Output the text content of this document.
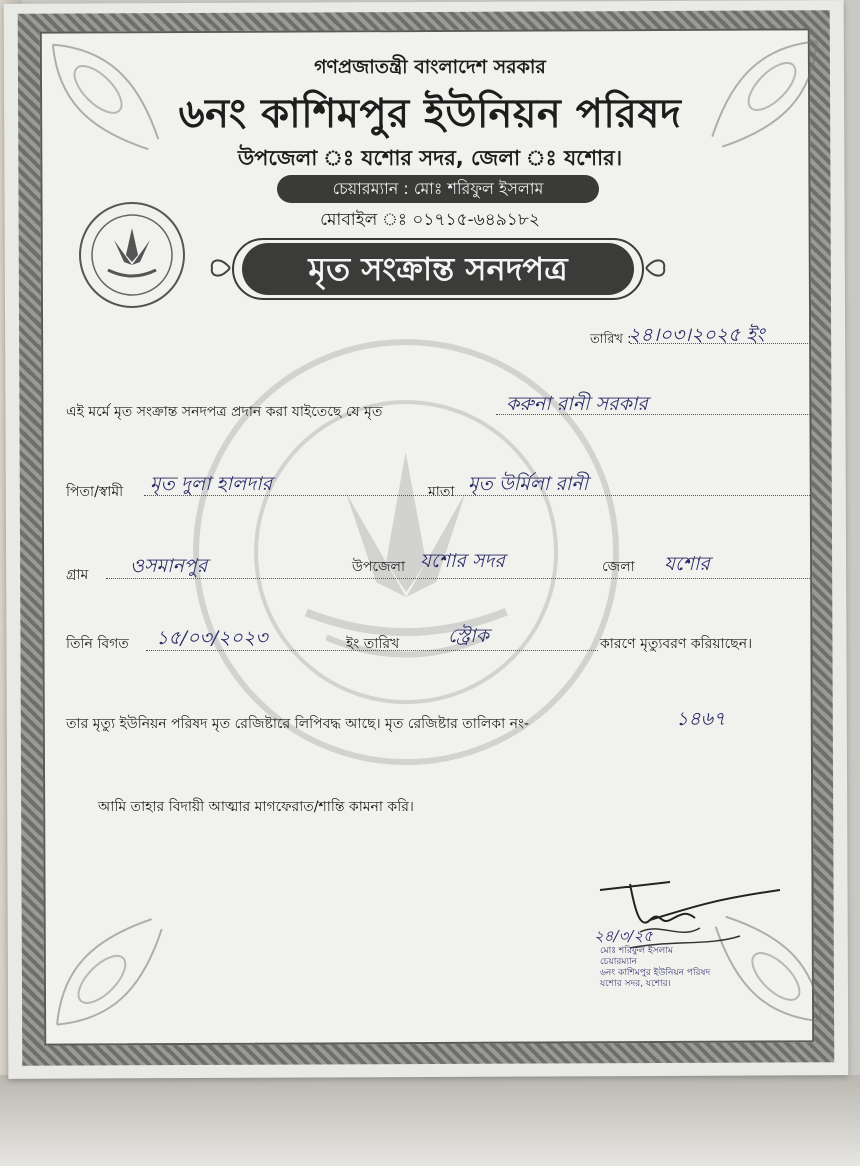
গণপ্রজাতন্ত্রী বাংলাদেশ সরকার
৬নং কাশিমপুর ইউনিয়ন পরিষদ
উপজেলা ঃ যশোর সদর, জেলা ঃ যশোর।
চেয়ারম্যান : মোঃ শরিফুল ইসলাম
মোবাইল ঃ ০১৭১৫-৬৪৯১৮২
মৃত সংক্রান্ত সনদপত্র
তারিখ :
২৪।০৩।২০২৫ ইং
এই মর্মে মৃত সংক্রান্ত সনদপত্র প্রদান করা যাইতেছে যে মৃত	করুনা রানী সরকার
পিতা/স্বামী মৃত দুলা হালদার	মাতা মৃত উর্মিলা রানী
গ্রাম ওসমানপুর	উপজেলা যশোর সদর	জেলা যশোর
তিনি বিগত ১৫/০৩/২০২৩	ইং তারিখ	স্ট্রোক	কারণে মৃত্যুবরণ করিয়াছেন।
তার মৃত্যু ইউনিয়ন পরিষদ মৃত রেজিষ্টারে লিপিবদ্ধ আছে। মৃত রেজিষ্টার তালিকা নং-	১৪৬৭
আমি তাহার বিদায়ী আত্মার মাগফেরাত/শান্তি কামনা করি।
২৪/৩/২৫
মোঃ শরিফুল ইসলাম
চেয়ারম্যান
৬নং কাশিমপুর ইউনিয়ন পরিষদ
যশোর সদর, যশোর।
